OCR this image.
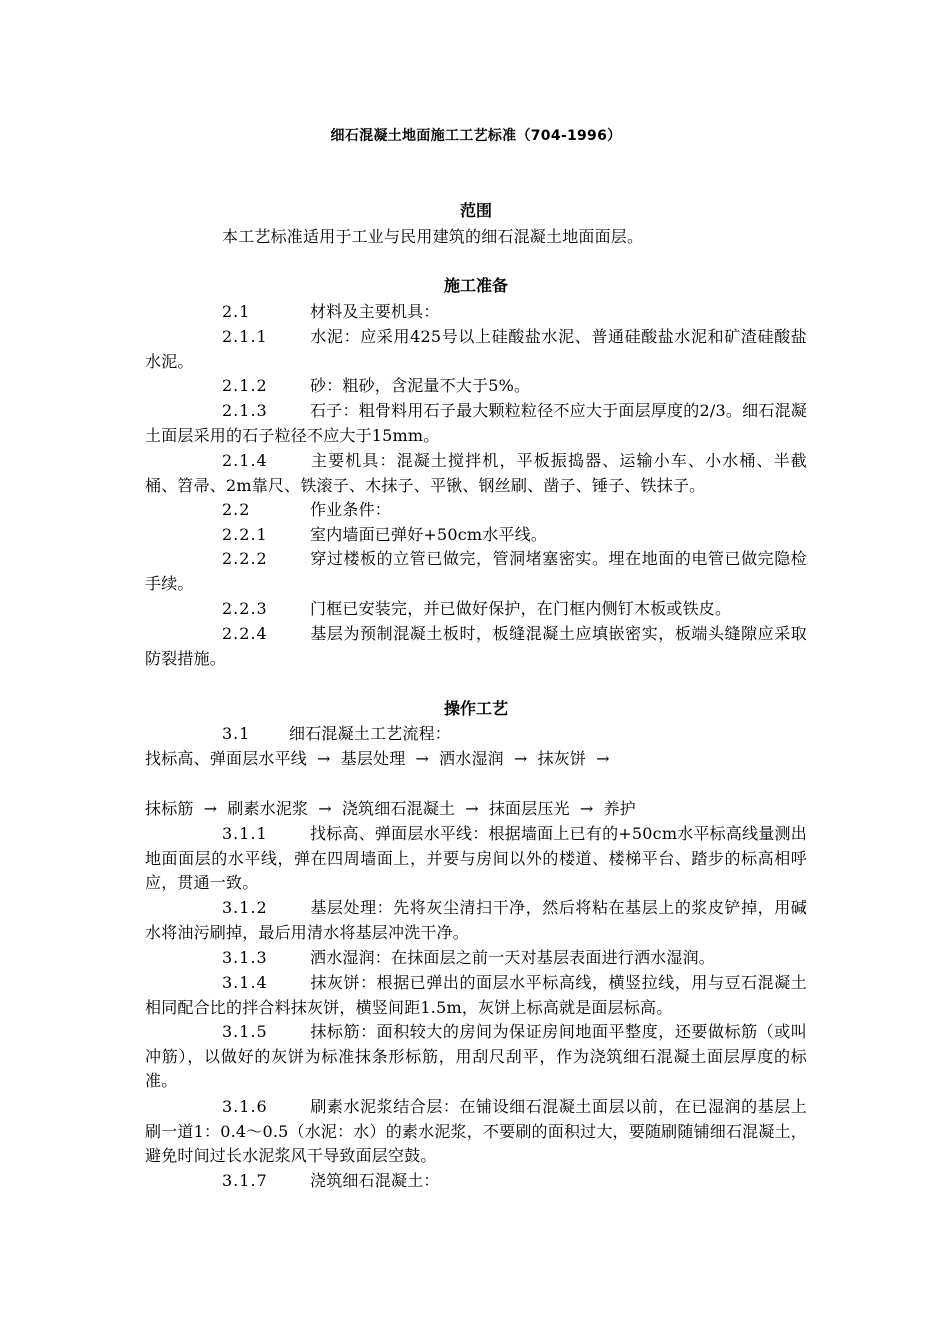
细石混凝土地面施工工艺标准（704-1996）
范围
本工艺标准适用于工业与民用建筑的细石混凝土地面面层。
施工准备
2.1	材料及主要机具：
2.1.1	水泥：应采用425号以上硅酸盐水泥、普通硅酸盐水泥和矿渣硅酸盐水泥。
2.1.2	砂：粗砂，含泥量不大于5%。
2.1.3	石子：粗骨料用石子最大颗粒粒径不应大于面层厚度的2/3。细石混凝土面层采用的石子粒径不应大于15mm。
2.1.4	主要机具：混凝土搅拌机，平板振捣器、运输小车、小水桶、半截桶、笤帚、2m靠尺、铁滚子、木抹子、平锹、钢丝刷、凿子、锤子、铁抹子。
2.2	作业条件：
2.2.1	室内墙面已弹好+50cm水平线。
2.2.2	穿过楼板的立管已做完，管洞堵塞密实。埋在地面的电管已做完隐检手续。
2.2.3	门框已安装完，并已做好保护，在门框内侧钉木板或铁皮。
2.2.4	基层为预制混凝土板时，板缝混凝土应填嵌密实，板端头缝隙应采取防裂措施。
操作工艺
3.1 细石混凝土工艺流程：
找标高、弹面层水平线 → 基层处理 → 洒水湿润 → 抹灰饼 →
抹标筋 → 刷素水泥浆 → 浇筑细石混凝土 → 抹面层压光 → 养护
3.1.1	找标高、弹面层水平线：根据墙面上已有的+50cm水平标高线量测出地面面层的水平线，弹在四周墙面上，并要与房间以外的楼道、楼梯平台、踏步的标高相呼应，贯通一致。
3.1.2	基层处理：先将灰尘清扫干净，然后将粘在基层上的浆皮铲掉，用碱水将油污刷掉，最后用清水将基层冲洗干净。
3.1.3	洒水湿润：在抹面层之前一天对基层表面进行洒水湿润。
3.1.4	抹灰饼：根据已弹出的面层水平标高线，横竖拉线，用与豆石混凝土相同配合比的拌合料抹灰饼，横竖间距1.5m，灰饼上标高就是面层标高。
3.1.5	抹标筋：面积较大的房间为保证房间地面平整度，还要做标筋（或叫冲筋），以做好的灰饼为标准抹条形标筋，用刮尺刮平，作为浇筑细石混凝土面层厚度的标准。
3.1.6	刷素水泥浆结合层：在铺设细石混凝土面层以前，在已湿润的基层上刷一道1：0.4～0.5（水泥：水）的素水泥浆，不要刷的面积过大，要随刷随铺细石混凝土，避免时间过长水泥浆风干导致面层空鼓。
3.1.7	浇筑细石混凝土：
